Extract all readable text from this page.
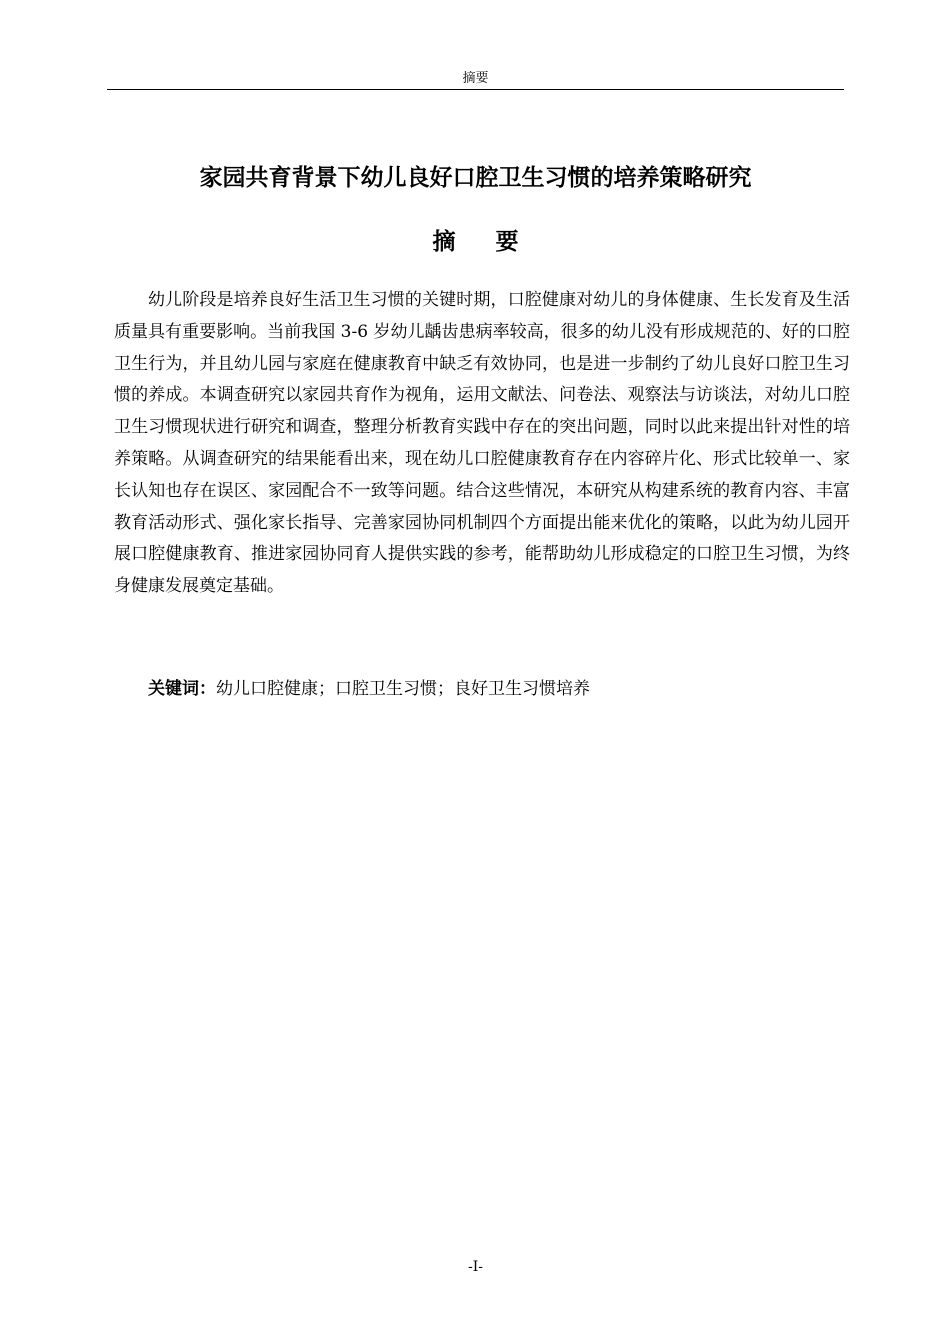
摘要
家园共育背景下幼儿良好口腔卫生习惯的培养策略研究
摘要

幼儿阶段是培养良好生活卫生习惯的关键时期，口腔健康对幼儿的身体健康、生长发育及生活质量具有重要影响。当前我国 3-6 岁幼儿龋齿患病率较高，很多的幼儿没有形成规范的、好的口腔卫生行为，并且幼儿园与家庭在健康教育中缺乏有效协同，也是进一步制约了幼儿良好口腔卫生习惯的养成。本调查研究以家园共育作为视角，运用文献法、问卷法、观察法与访谈法，对幼儿口腔卫生习惯现状进行研究和调查，整理分析教育实践中存在的突出问题，同时以此来提出针对性的培养策略。从调查研究的结果能看出来，现在幼儿口腔健康教育存在内容碎片化、形式比较单一、家长认知也存在误区、家园配合不一致等问题。结合这些情况，本研究从构建系统的教育内容、丰富教育活动形式、强化家长指导、完善家园协同机制四个方面提出能来优化的策略，以此为幼儿园开展口腔健康教育、推进家园协同育人提供实践的参考，能帮助幼儿形成稳定的口腔卫生习惯，为终身健康发展奠定基础。

关键词：幼儿口腔健康；口腔卫生习惯；良好卫生习惯培养

-I-
